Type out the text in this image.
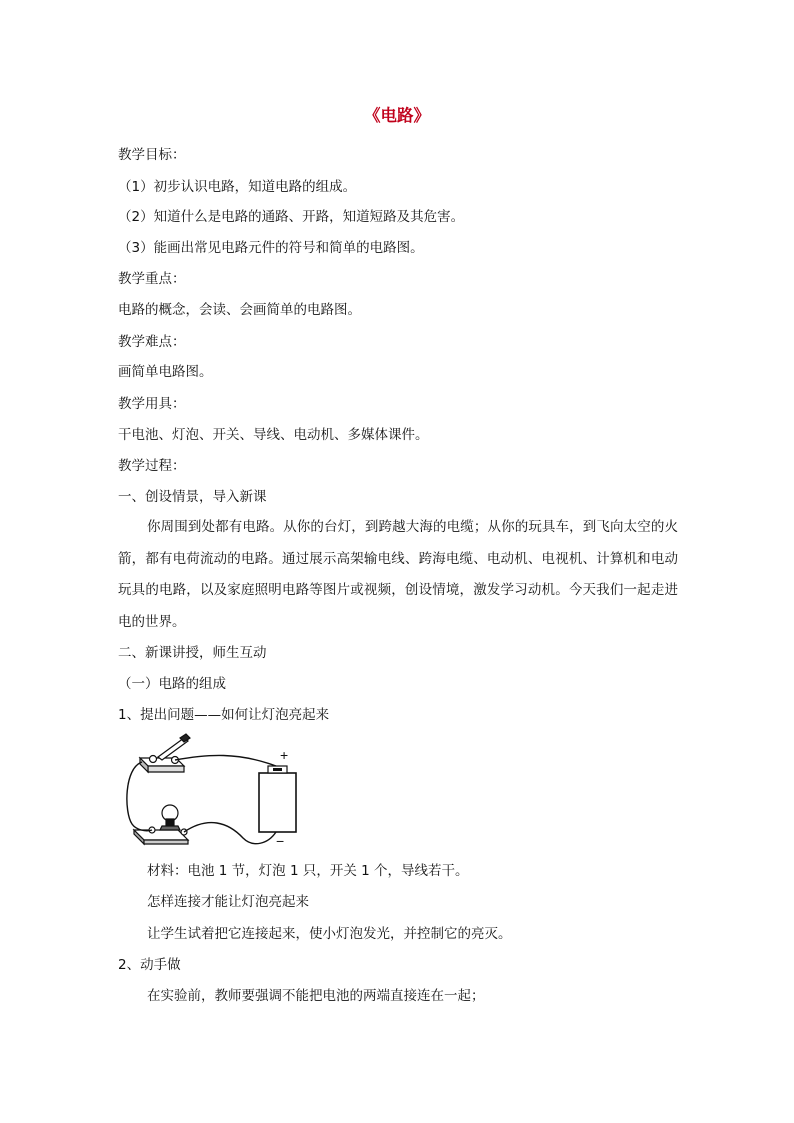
《电路》
教学目标：
（1）初步认识电路，知道电路的组成。
（2）知道什么是电路的通路、开路，知道短路及其危害。
（3）能画出常见电路元件的符号和简单的电路图。
教学重点：
电路的概念，会读、会画简单的电路图。
教学难点：
画简单电路图。
教学用具：
干电池、灯泡、开关、导线、电动机、多媒体课件。
教学过程：
一、创设情景，导入新课
你周围到处都有电路。从你的台灯，到跨越大海的电缆；从你的玩具车，到飞向太空的火箭，都有电荷流动的电路。通过展示高架输电线、跨海电缆、电动机、电视机、计算机和电动玩具的电路，以及家庭照明电路等图片或视频，创设情境，激发学习动机。今天我们一起走进电的世界。
二、新课讲授，师生互动
（一）电路的组成
1、提出问题——如何让灯泡亮起来
+
−
材料：电池 1 节，灯泡 1 只，开关 1 个，导线若干。
怎样连接才能让灯泡亮起来
让学生试着把它连接起来，使小灯泡发光，并控制它的亮灭。
2、动手做
在实验前，教师要强调不能把电池的两端直接连在一起；
